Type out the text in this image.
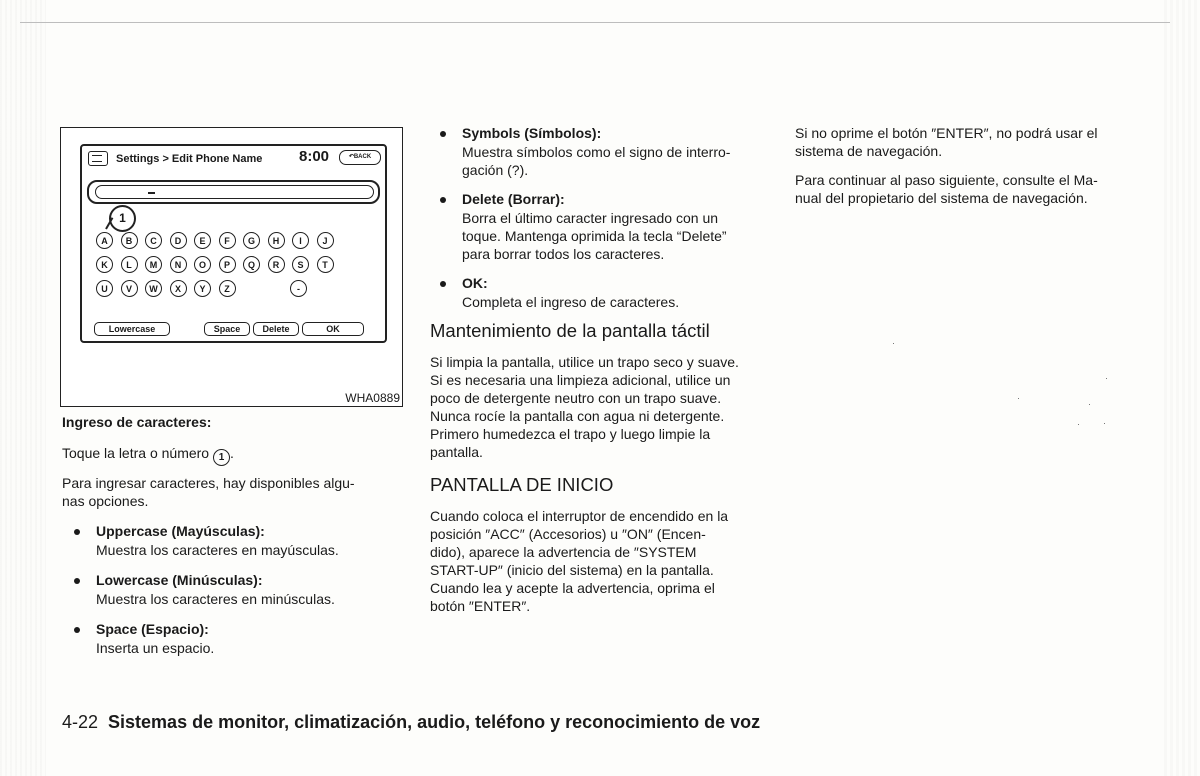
Settings > Edit Phone Name 8:00	↶BACK
1
A	B	C	D	E	F	G	H	I	J
K	L	M	N	O	P	Q	R	S	T
U	V	W	X	Y	Z	-
Lowercase	Space	Delete	OK
WHA0889
Ingreso de caracteres:
Toque la letra o número 1 .
Para ingresar caracteres, hay disponibles algu-
nas opciones.
Uppercase (Mayúsculas):
Muestra los caracteres en mayúsculas.
Lowercase (Minúsculas):
Muestra los caracteres en minúsculas.
Space (Espacio):
Inserta un espacio.
Symbols (Símbolos):
Muestra símbolos como el signo de interro-
gación (?).
Delete (Borrar):
Borra el último caracter ingresado con un
toque. Mantenga oprimida la tecla “Delete”
para borrar todos los caracteres.
OK:
Completa el ingreso de caracteres.
Mantenimiento de la pantalla táctil
Si limpia la pantalla, utilice un trapo seco y suave.
Si es necesaria una limpieza adicional, utilice un
poco de detergente neutro con un trapo suave.
Nunca rocíe la pantalla con agua ni detergente.
Primero humedezca el trapo y luego limpie la
pantalla.
PANTALLA DE INICIO
Cuando coloca el interruptor de encendido en la
posición ″ACC″ (Accesorios) u ″ON″ (Encen-
dido), aparece la advertencia de ″SYSTEM
START-UP″ (inicio del sistema) en la pantalla.
Cuando lea y acepte la advertencia, oprima el
botón ″ENTER″.
Si no oprime el botón ″ENTER″, no podrá usar el
sistema de navegación.
Para continuar al paso siguiente, consulte el Ma-
nual del propietario del sistema de navegación.
4-22 Sistemas de monitor, climatización, audio, teléfono y reconocimiento de voz
